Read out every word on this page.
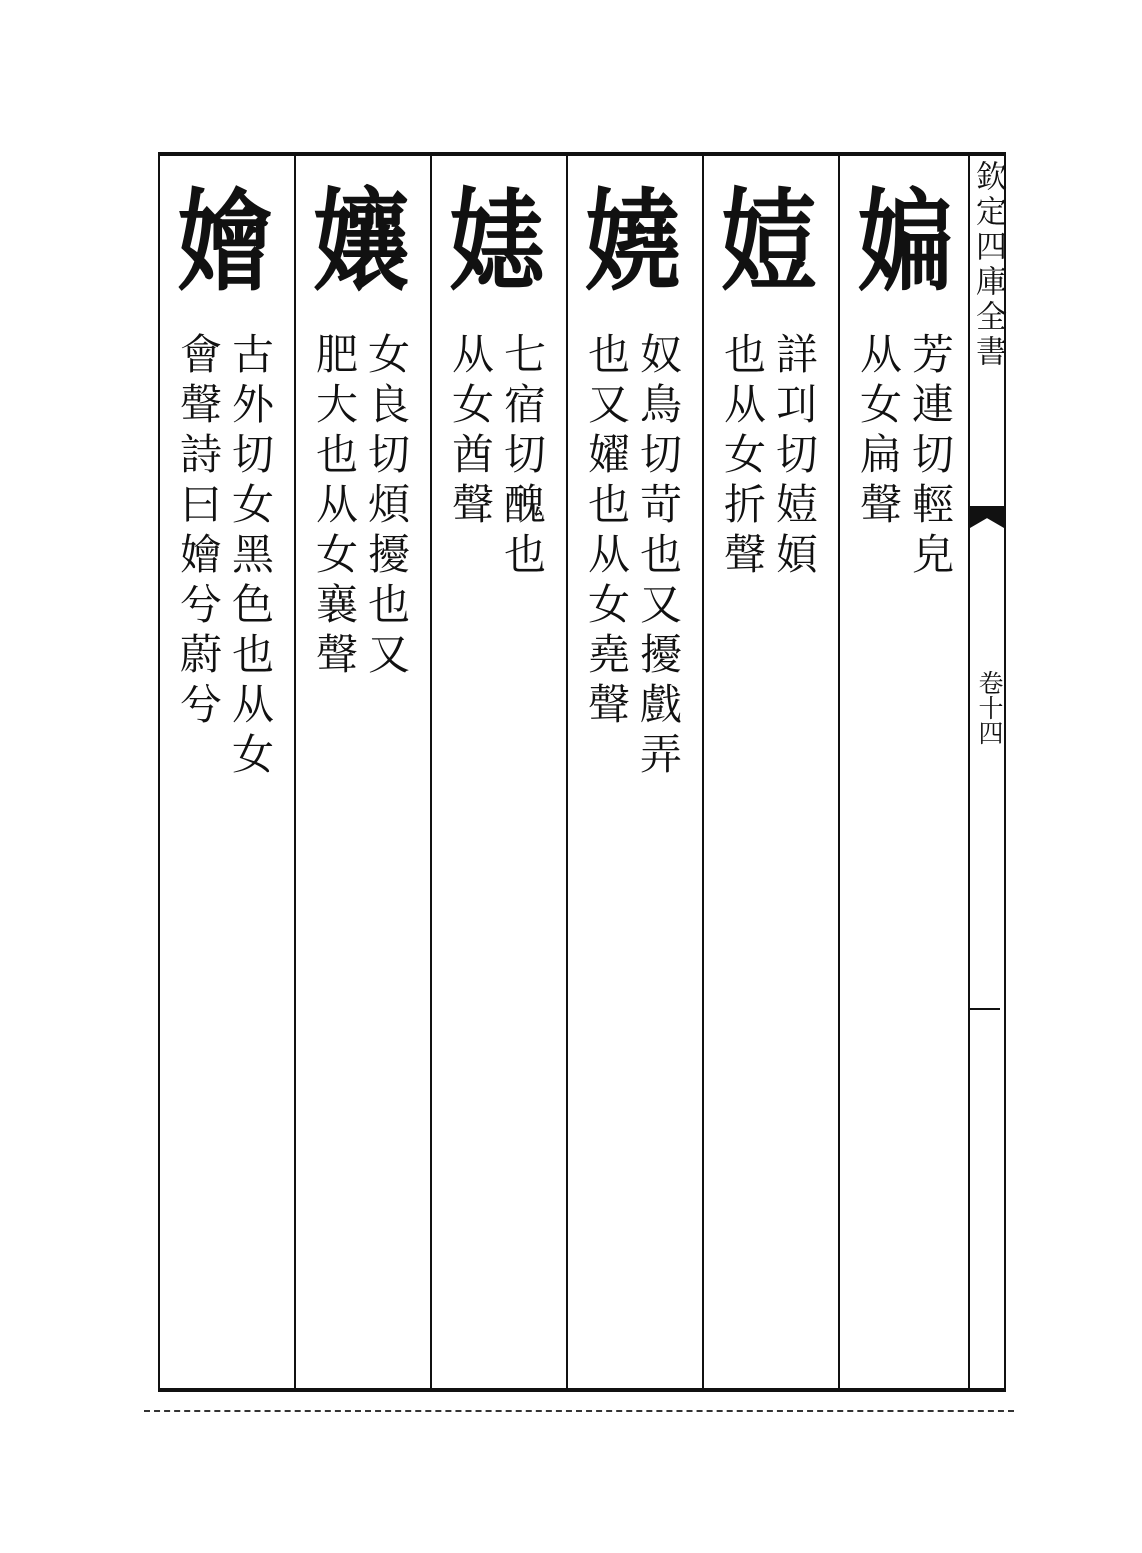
欽定四庫全書
卷十四
媥
芳連切輕皃
从女扁聲
㛸
詳㓚切㛸㛲
也从女折聲
嬈
奴鳥切苛也又擾戲弄
也又嬥也从女堯聲
㜇
七宿切醜也
从女酋聲
孃
女良切煩擾也又
肥大也从女襄聲
嬒
古外切女黑色也从女
會聲詩曰嬒兮蔚兮
